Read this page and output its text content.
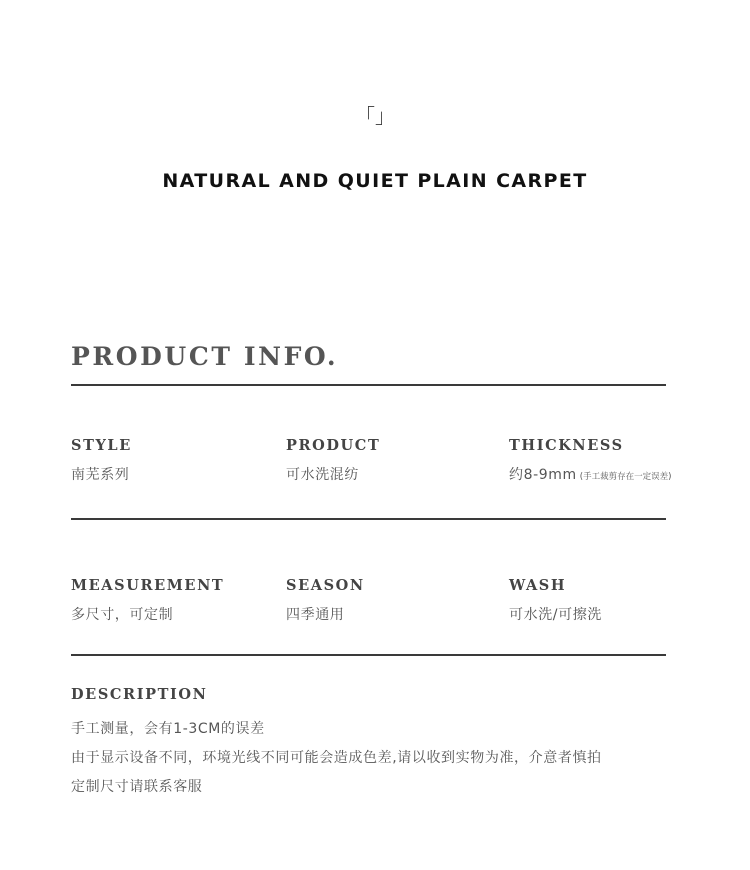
「」
NATURAL AND QUIET PLAIN CARPET
PRODUCT INFO.
STYLE
南芜系列
PRODUCT
可水洗混纺
THICKNESS
约8-9mm (手工裁剪存在一定误差)
MEASUREMENT
多尺寸，可定制
SEASON
四季通用
WASH
可水洗/可擦洗
DESCRIPTION
手工测量，会有1-3CM的误差
由于显示设备不同，环境光线不同可能会造成色差,请以收到实物为准，介意者慎拍
定制尺寸请联系客服
